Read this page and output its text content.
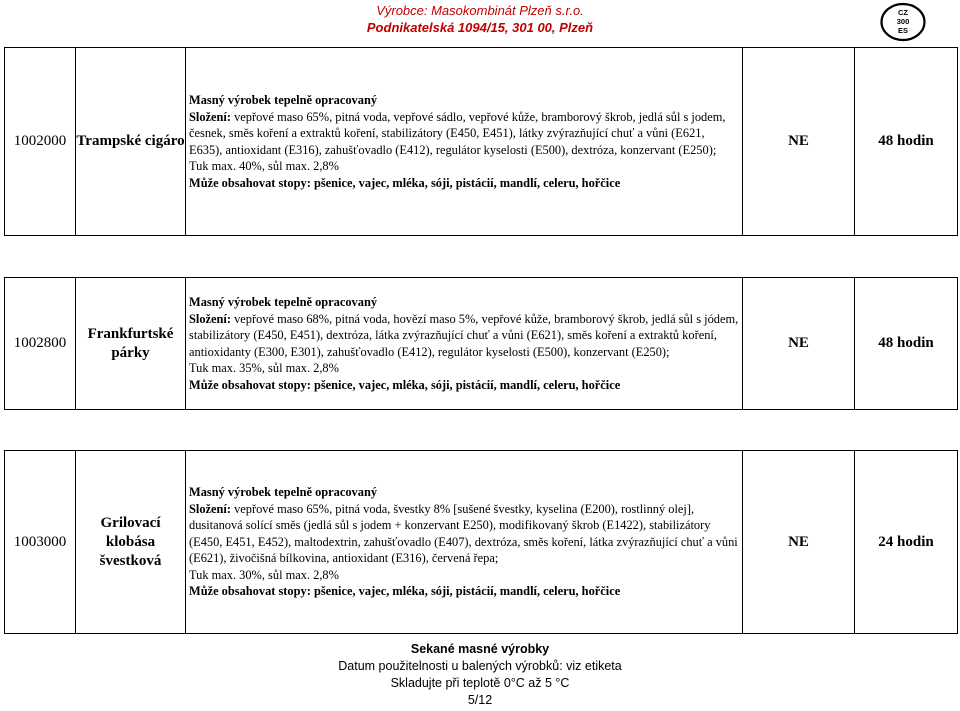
Výrobce: Masokombinát Plzeň s.r.o.
Podnikatelská 1094/15, 301 00, Plzeň
CZ
300
ES
1002000	Trampské cigáro	Masný výrobek tepelně opracovaný
Složení: vepřové maso 65%, pitná voda, vepřové sádlo, vepřové kůže, bramborový škrob, jedlá sůl s jodem, česnek, směs koření a extraktů koření, stabilizátory (E450, E451), látky zvýrazňující chuť a vůni (E621, E635), antioxidant (E316), zahušťovadlo (E412), regulátor kyselosti (E500), dextróza, konzervant (E250);
Tuk max. 40%, sůl max. 2,8%
Může obsahovat stopy: pšenice, vajec, mléka, sóji, pistácií, mandlí, celeru, hořčice	NE	48 hodin

1002800	Frankfurtské párky	Masný výrobek tepelně opracovaný
Složení: vepřové maso 68%, pitná voda, hovězí maso 5%, vepřové kůže, bramborový škrob, jedlá sůl s jódem, stabilizátory (E450, E451), dextróza, látka zvýrazňující chuť a vůni (E621), směs koření a extraktů koření, antioxidanty (E300, E301), zahušťovadlo (E412), regulátor kyselosti (E500), konzervant (E250);
Tuk max. 35%, sůl max. 2,8%
Může obsahovat stopy: pšenice, vajec, mléka, sóji, pistácií, mandlí, celeru, hořčice	NE	48 hodin

1003000	Grilovací klobása švestková	Masný výrobek tepelně opracovaný
Složení: vepřové maso 65%, pitná voda, švestky 8% [sušené švestky, kyselina (E200), rostlinný olej], dusitanová solící směs (jedlá sůl s jodem + konzervant E250), modifikovaný škrob (E1422), stabilizátory (E450, E451, E452), maltodextrin, zahušťovadlo (E407), dextróza, směs koření, látka zvýrazňující chuť a vůni (E621), živočišná bílkovina, antioxidant (E316), červená řepa;
Tuk max. 30%, sůl max. 2,8%
Může obsahovat stopy: pšenice, vajec, mléka, sóji, pistácií, mandlí, celeru, hořčice	NE	24 hodin
Sekané masné výrobky
Datum použitelnosti u balených výrobků: viz etiketa
Skladujte při teplotě 0°C až 5 °C
5/12
